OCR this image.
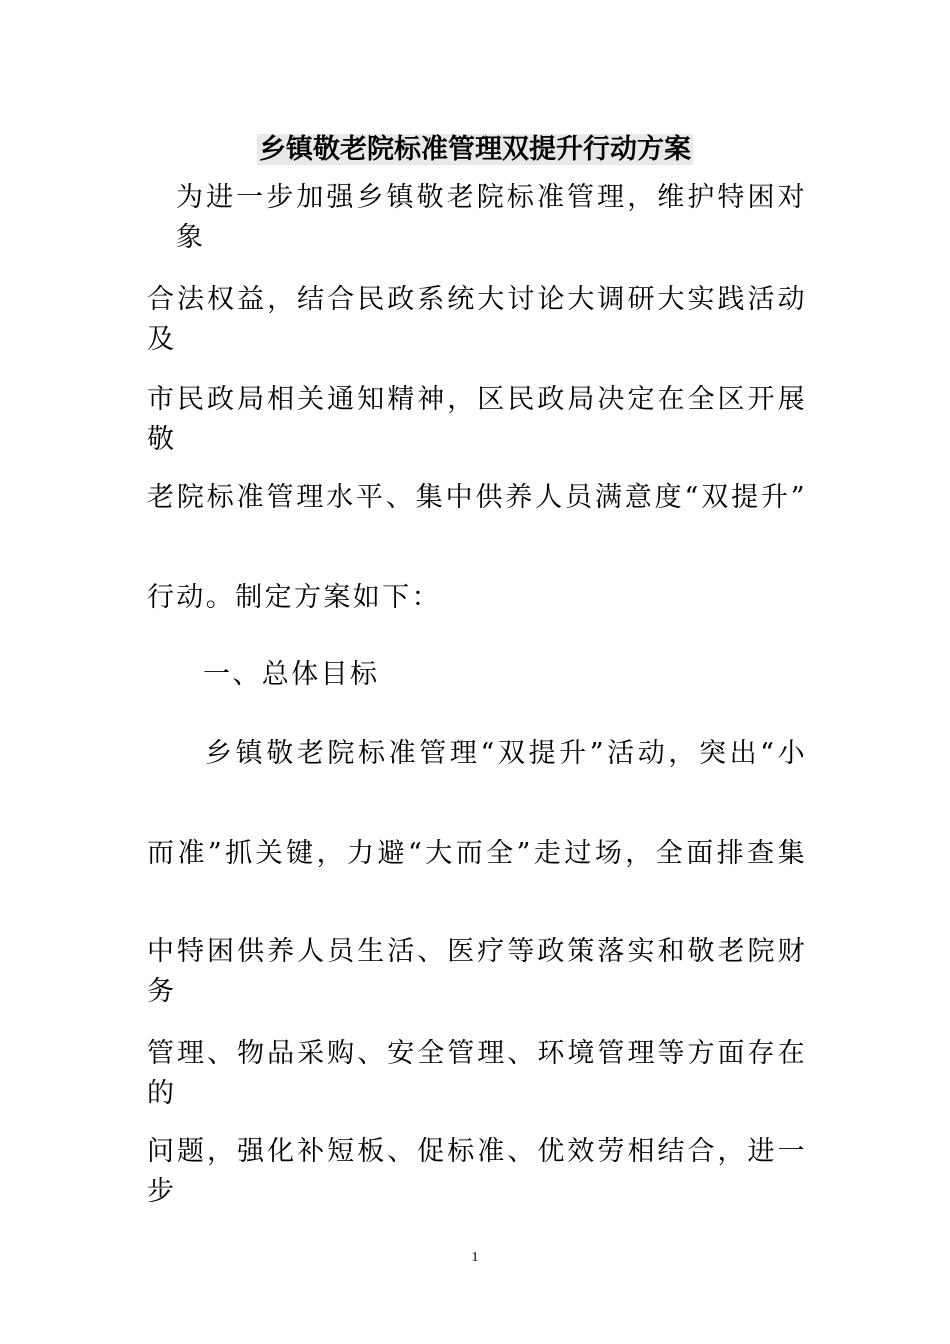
乡镇敬老院标准管理双提升行动方案
为进一步加强乡镇敬老院标准管理，维护特困对象
合法权益，结合民政系统大讨论大调研大实践活动及
市民政局相关通知精神，区民政局决定在全区开展敬
老院标准管理水平、集中供养人员满意度“双提升”
行动。制定方案如下：
一、总体目标
乡镇敬老院标准管理“双提升”活动，突出“小
而准”抓关键，力避“大而全”走过场，全面排查集
中特困供养人员生活、医疗等政策落实和敬老院财务
管理、物品采购、安全管理、环境管理等方面存在的
问题，强化补短板、促标准、优效劳相结合，进一步
1
